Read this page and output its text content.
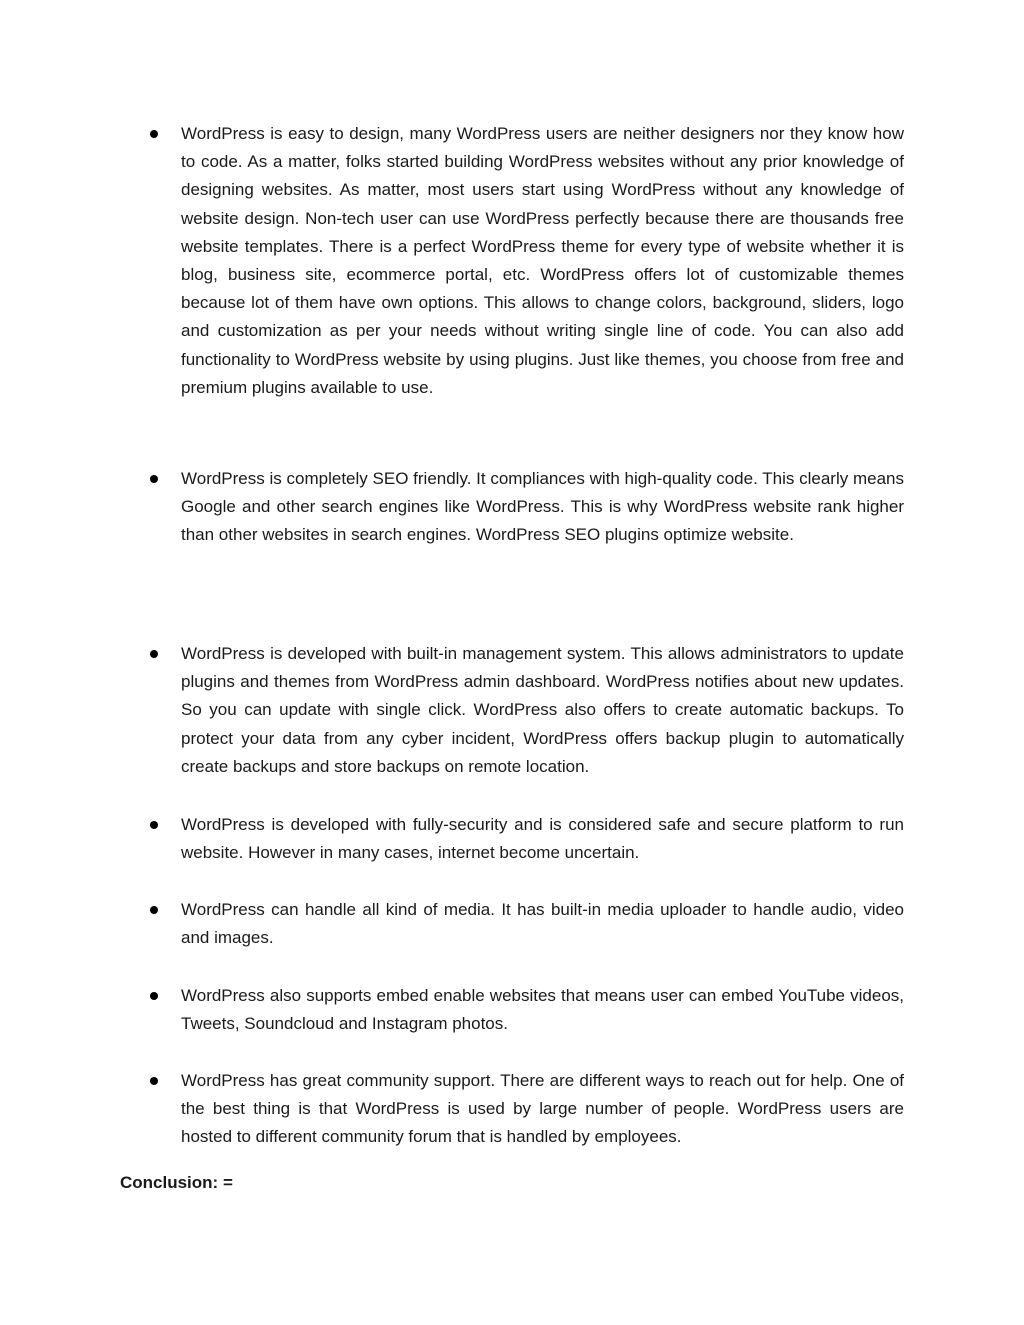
WordPress is easy to design, many WordPress users are neither designers nor they know how to code. As a matter, folks started building WordPress websites without any prior knowledge of designing websites. As matter, most users start using WordPress without any knowledge of website design. Non-tech user can use WordPress perfectly because there are thousands free website templates. There is a perfect WordPress theme for every type of website whether it is blog, business site, ecommerce portal, etc. WordPress offers lot of customizable themes because lot of them have own options. This allows to change colors, background, sliders, logo and customization as per your needs without writing single line of code. You can also add functionality to WordPress website by using plugins. Just like themes, you choose from free and premium plugins available to use.
WordPress is completely SEO friendly. It compliances with high-quality code. This clearly means Google and other search engines like WordPress. This is why WordPress website rank higher than other websites in search engines. WordPress SEO plugins optimize website.
WordPress is developed with built-in management system. This allows administrators to update plugins and themes from WordPress admin dashboard. WordPress notifies about new updates. So you can update with single click. WordPress also offers to create automatic backups. To protect your data from any cyber incident, WordPress offers backup plugin to automatically create backups and store backups on remote location.
WordPress is developed with fully-security and is considered safe and secure platform to run website. However in many cases, internet become uncertain.
WordPress can handle all kind of media. It has built-in media uploader to handle audio, video and images.
WordPress also supports embed enable websites that means user can embed YouTube videos, Tweets, Soundcloud and Instagram photos.
WordPress has great community support. There are different ways to reach out for help. One of the best thing is that WordPress is used by large number of people. WordPress users are hosted to different community forum that is handled by employees.

Conclusion: =
